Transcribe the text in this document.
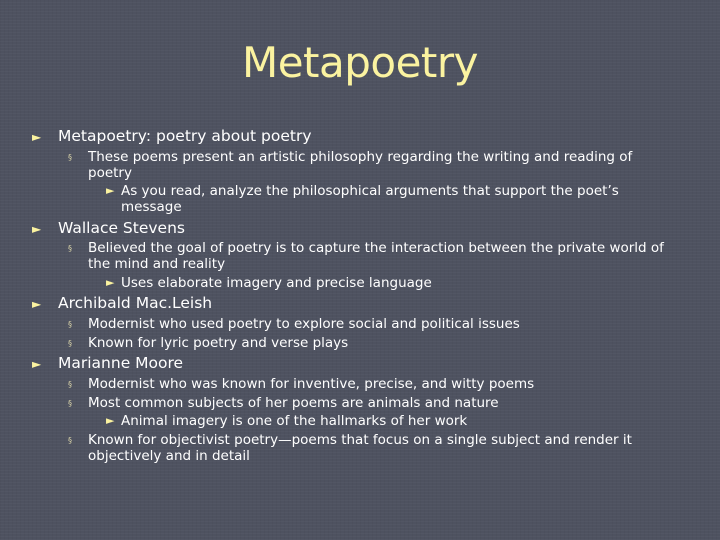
Metapoetry
► Metapoetry: poetry about poetry
§ These poems present an artistic philosophy regarding the writing and reading of
poetry
► As you read, analyze the philosophical arguments that support the poet’s
message
► Wallace Stevens
§ Believed the goal of poetry is to capture the interaction between the private world of
the mind and reality
► Uses elaborate imagery and precise language
► Archibald Mac.Leish
§ Modernist who used poetry to explore social and political issues
§ Known for lyric poetry and verse plays
► Marianne Moore
§ Modernist who was known for inventive, precise, and witty poems
§ Most common subjects of her poems are animals and nature
► Animal imagery is one of the hallmarks of her work
§ Known for objectivist poetry—poems that focus on a single subject and render it
objectively and in detail
